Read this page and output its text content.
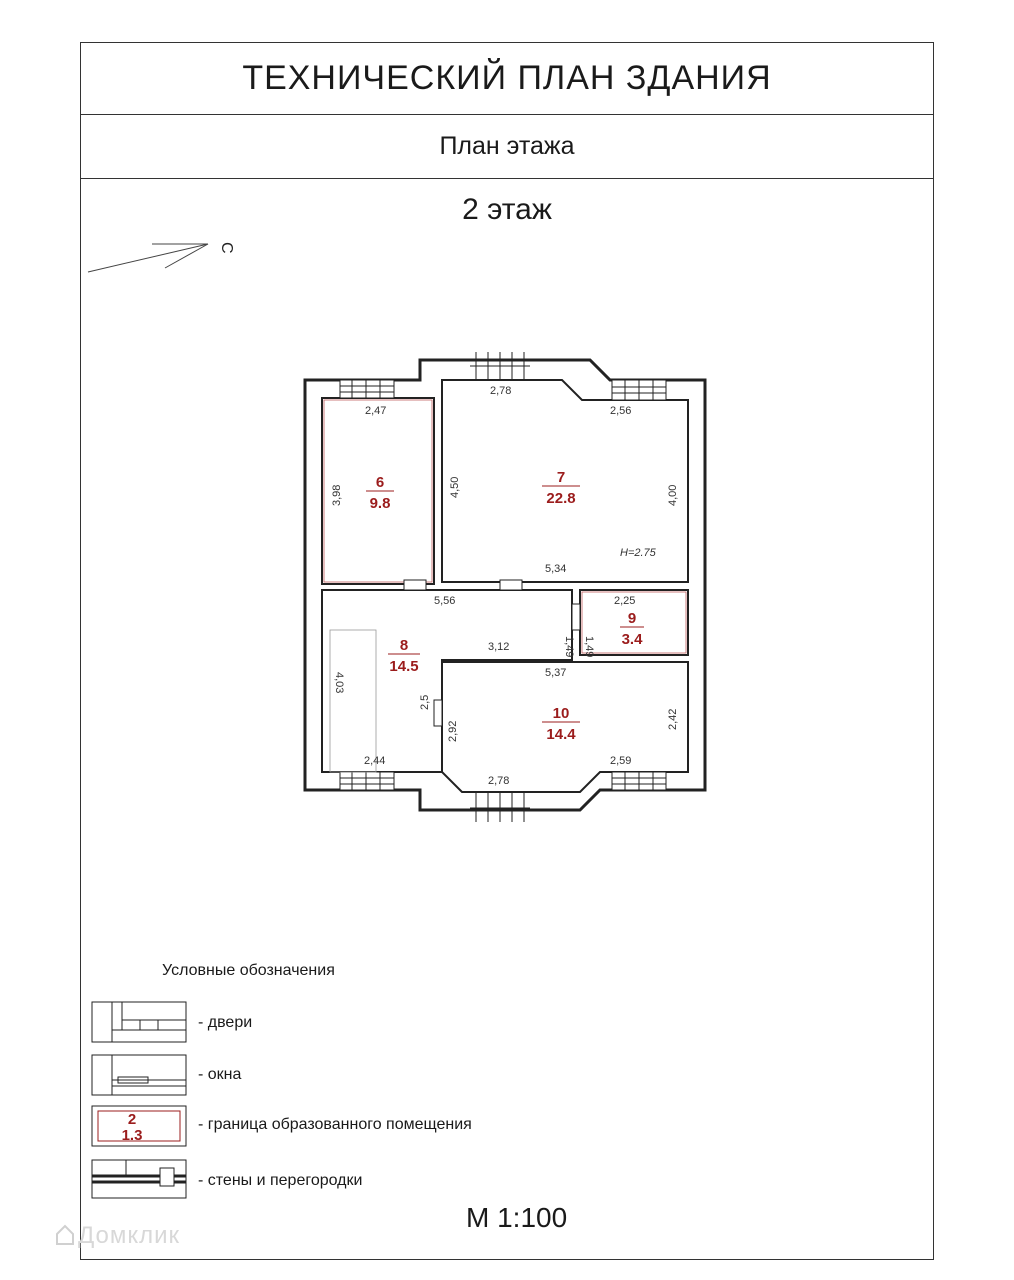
ТЕХНИЧЕСКИЙ ПЛАН ЗДАНИЯ
План этажа
2 этаж
С
6
9.8
7
22.8
8
14.5
9
3.4
10
14.4
2,47
3,98
2,78
2,56
4,50	4,00
5,34
H=2.75
5,56
3,12	1,49 1,49
2,25
5,37
4,03
2,5
2,44
2,92
2,42
2,59
2,78
2
1.3
Условные обозначения
- двери
- окна
- граница образованного помещения
- стены и перегородки
М 1:100
Домклик
